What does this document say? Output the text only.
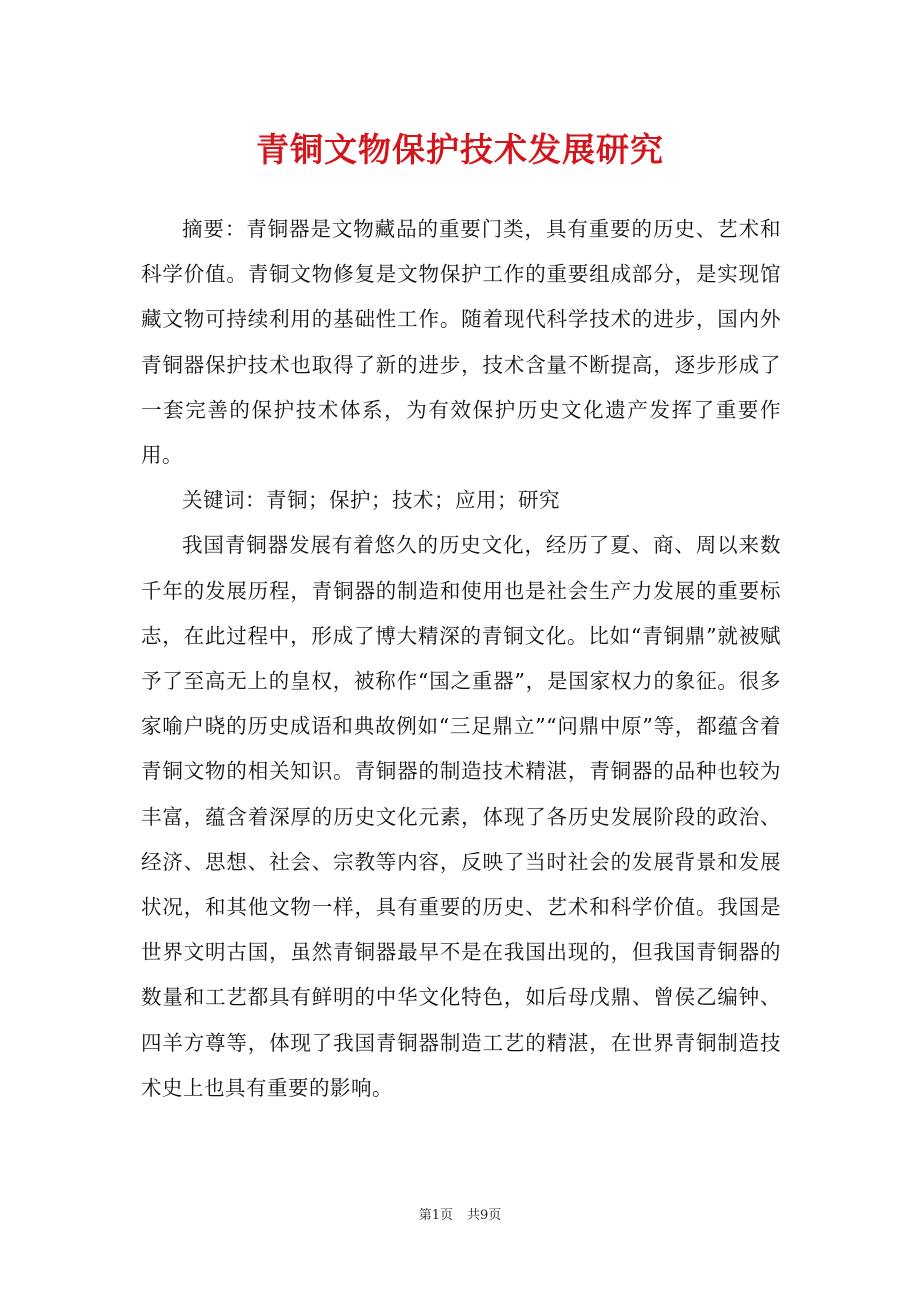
青铜文物保护技术发展研究

摘要：青铜器是文物藏品的重要门类，具有重要的历史、艺术和科学价值。青铜文物修复是文物保护工作的重要组成部分，是实现馆藏文物可持续利用的基础性工作。随着现代科学技术的进步，国内外青铜器保护技术也取得了新的进步，技术含量不断提高，逐步形成了一套完善的保护技术体系，为有效保护历史文化遗产发挥了重要作用。

关键词：青铜；保护；技术；应用；研究

我国青铜器发展有着悠久的历史文化，经历了夏、商、周以来数千年的发展历程，青铜器的制造和使用也是社会生产力发展的重要标志，在此过程中，形成了博大精深的青铜文化。比如“青铜鼎”就被赋予了至高无上的皇权，被称作“国之重器”，是国家权力的象征。很多家喻户晓的历史成语和典故例如“三足鼎立”“问鼎中原”等，都蕴含着青铜文物的相关知识。青铜器的制造技术精湛，青铜器的品种也较为丰富，蕴含着深厚的历史文化元素，体现了各历史发展阶段的政治、经济、思想、社会、宗教等内容，反映了当时社会的发展背景和发展状况，和其他文物一样，具有重要的历史、艺术和科学价值。我国是世界文明古国，虽然青铜器最早不是在我国出现的，但我国青铜器的数量和工艺都具有鲜明的中华文化特色，如后母戊鼎、曾侯乙编钟、四羊方尊等，体现了我国青铜器制造工艺的精湛，在世界青铜制造技术史上也具有重要的影响。

第1页 共9页
